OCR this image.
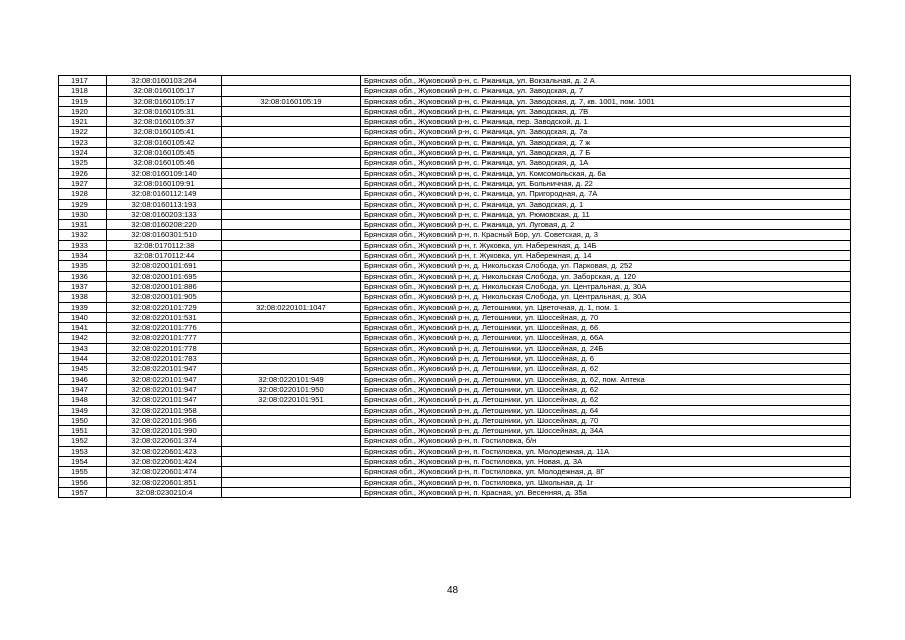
1917	32:08:0160103:264		Брянская обл., Жуковский р-н, с. Ржаница, ул. Вокзальная, д. 2 А
1918	32:08:0160105:17		Брянская обл., Жуковский р-н, с. Ржаница, ул. Заводская, д. 7
1919	32:08:0160105:17	32:08:0160105:19	Брянская обл., Жуковский р-н, с. Ржаница, ул. Заводская, д. 7, кв. 1001, пом. 1001
1920	32:08:0160105:31		Брянская обл., Жуковский р-н, с. Ржаница, ул. Заводская, д. 7В
1921	32:08:0160105:37		Брянская обл., Жуковский р-н, с. Ржаница, пер. Заводской, д. 1
1922	32:08:0160105:41		Брянская обл., Жуковский р-н, с. Ржаница, ул. Заводская, д. 7а
1923	32:08:0160105:42		Брянская обл., Жуковский р-н, с. Ржаница, ул. Заводская, д. 7 ж
1924	32:08:0160105:45		Брянская обл., Жуковский р-н, с. Ржаница, ул. Заводская, д. 7 Б
1925	32:08:0160105:46		Брянская обл., Жуковский р-н, с. Ржаница, ул. Заводская, д. 1А
1926	32:08:0160109:140		Брянская обл., Жуковский р-н, с. Ржаница, ул. Комсомольская, д. 6а
1927	32:08:0160109:91		Брянская обл., Жуковский р-н, с. Ржаница, ул. Больничная, д. 22
1928	32:08:0160112:149		Брянская обл., Жуковский р-н, с. Ржаница, ул. Пригородная, д. 7А
1929	32:08:0160113:193		Брянская обл., Жуковский р-н, с. Ржаница, ул. Заводская, д. 1
1930	32:08:0160203:133		Брянская обл., Жуковский р-н, с. Ржаница, ул. Рюмовская, д. 11
1931	32:08:0160208:220		Брянская обл., Жуковский р-н, с. Ржаница, ул. Луговая, д. 2
1932	32:08:0160301:510		Брянская обл., Жуковский р-н, п. Красный Бор, ул. Советская, д. 3
1933	32:08:0170112:38		Брянская обл., Жуковский р-н, г. Жуковка, ул. Набережная, д. 14Б
1934	32:08:0170112:44		Брянская обл., Жуковский р-н, г. Жуковка, ул. Набережная, д. 14
1935	32:08:0200101:691		Брянская обл., Жуковский р-н, д. Никольская Слобода, ул. Парковая, д. 252
1936	32:08:0200101:695		Брянская обл., Жуковский р-н, д. Никольская Слобода, ул. Заборская, д. 120
1937	32:08:0200101:886		Брянская обл., Жуковский р-н, д. Никольская Слобода, ул. Центральная, д. 30А
1938	32:08:0200101:905		Брянская обл., Жуковский р-н, д. Никольская Слобода, ул. Центральная, д. 30А
1939	32:08:0220101:729	32:08:0220101:1047	Брянская обл., Жуковский р-н, д. Летошники, ул. Цветочная, д. 1, пом. 1
1940	32:08:0220101:531		Брянская обл., Жуковский р-н, д. Летошники, ул. Шоссейная, д. 70
1941	32:08:0220101:776		Брянская обл., Жуковский р-н, д. Летошники, ул. Шоссейная, д. 66
1942	32:08:0220101:777		Брянская обл., Жуковский р-н, д. Летошники, ул. Шоссейная, д. 66А
1943	32:08:0220101:778		Брянская обл., Жуковский р-н, д. Летошники, ул. Шоссейная, д. 24Б
1944	32:08:0220101:783		Брянская обл., Жуковский р-н, д. Летошники, ул. Шоссейная, д. 6
1945	32:08:0220101:947		Брянская обл., Жуковский р-н, д. Летошники, ул. Шоссейная, д. 62
1946	32:08:0220101:947	32:08:0220101:949	Брянская обл., Жуковский р-н, д. Летошники, ул. Шоссейная, д. 62, пом. Аптека
1947	32:08:0220101:947	32:08:0220101:950	Брянская обл., Жуковский р-н, д. Летошники, ул. Шоссейная, д. 62
1948	32:08:0220101:947	32:08:0220101:951	Брянская обл., Жуковский р-н, д. Летошники, ул. Шоссейная, д. 62
1949	32:08:0220101:958		Брянская обл., Жуковский р-н, д. Летошники, ул. Шоссейная, д. 64
1950	32:08:0220101:966		Брянская обл., Жуковский р-н, д. Летошники, ул. Шоссейная, д. 70
1951	32:08:0220101:990		Брянская обл., Жуковский р-н, д. Летошники, ул. Шоссейная, д. 34А
1952	32:08:0220601:374		Брянская обл., Жуковский р-н, п. Гостиловка, б/н
1953	32:08:0220601:423		Брянская обл., Жуковский р-н, п. Гостиловка, ул. Молодежная, д. 11А
1954	32:08:0220601:424		Брянская обл., Жуковский р-н, п. Гостиловка, ул. Новая, д. 3А
1955	32:08:0220601:474		Брянская обл., Жуковский р-н, п. Гостиловка, ул. Молодежная, д. 8Г
1956	32:08:0220601:851		Брянская обл., Жуковский р-н, п. Гостиловка, ул. Школьная, д. 1г
1957	32:08:0230210:4		Брянская обл., Жуковский р-н, п. Красная, ул. Весенняя, д. 35а
48
